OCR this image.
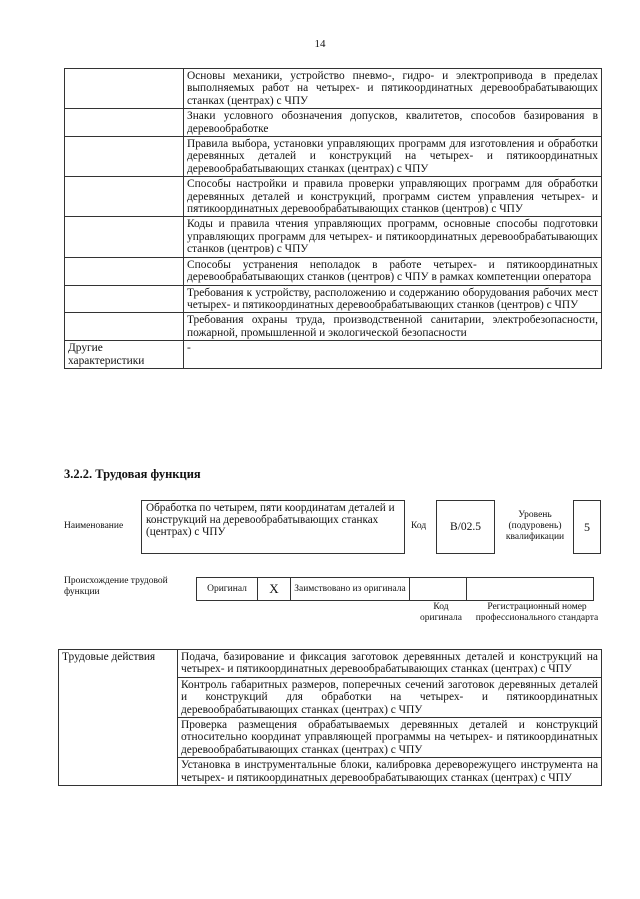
14
	Основы механики, устройство пневмо-, гидро- и электропривода в пределах выполняемых работ на четырех- и пятикоординатных деревообрабатывающих станках (центрах) с ЧПУ
	Знаки условного обозначения допусков, квалитетов, способов базирования в деревообработке
	Правила выбора, установки управляющих программ для изготовления и обработки деревянных деталей и конструкций на четырех- и пятикоординатных деревообрабатывающих станках (центрах) с ЧПУ
	Способы настройки и правила проверки управляющих программ для обработки деревянных деталей и конструкций, программ систем управления четырех- и пятикоординатных деревообрабатывающих станков (центров) с ЧПУ
	Коды и правила чтения управляющих программ, основные способы подготовки управляющих программ для четырех- и пятикоординатных деревообрабатывающих станков (центров) с ЧПУ
	Способы устранения неполадок в работе четырех- и пятикоординатных деревообрабатывающих станков (центров) с ЧПУ в рамках компетенции оператора
	Требования к устройству, расположению и содержанию оборудования рабочих мест четырех- и пятикоординатных деревообрабатывающих станков (центров) с ЧПУ
	Требования охраны труда, производственной санитарии, электробезопасности, пожарной, промышленной и экологической безопасности
Другие характеристики	-
3.2.2. Трудовая функция
Наименование
Обработка по четырем, пяти координатам деталей и конструкций на деревообрабатывающих станках (центрах) с ЧПУ
Код	B/02.5
Уровень (подуровень) квалификации
5
Происхождение трудовой функции	Оригинал	X	Заимствовано из оригинала		
Код оригинала
Регистрационный номер профессионального стандарта
Трудовые действия	Подача, базирование и фиксация заготовок деревянных деталей и конструкций на четырех- и пятикоординатных деревообрабатывающих станках (центрах) с ЧПУ
Контроль габаритных размеров, поперечных сечений заготовок деревянных деталей и конструкций для обработки на четырех- и пятикоординатных деревообрабатывающих станках (центрах) с ЧПУ
Проверка размещения обрабатываемых деревянных деталей и конструкций относительно координат управляющей программы на четырех- и пятикоординатных деревообрабатывающих станках (центрах) с ЧПУ
Установка в инструментальные блоки, калибровка дереворежущего инструмента на четырех- и пятикоординатных деревообрабатывающих станках (центрах) с ЧПУ
